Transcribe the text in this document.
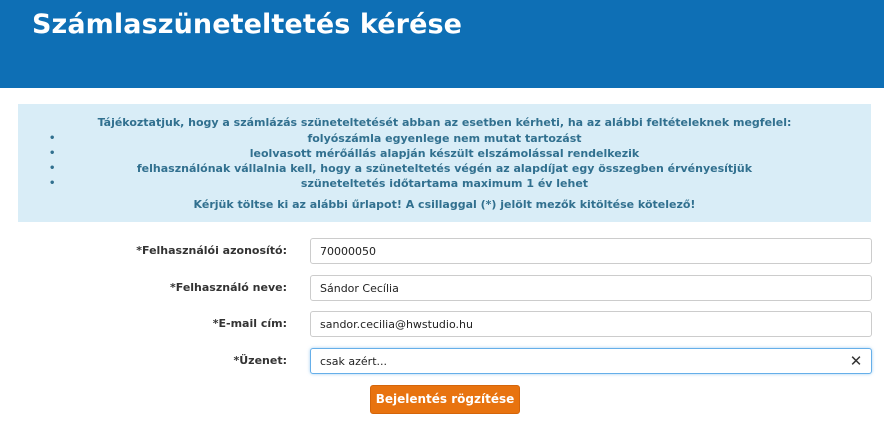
Számlaszüneteltetés kérése
Tájékoztatjuk, hogy a számlázás szüneteltetését abban az esetben kérheti, ha az alábbi feltételeknek megfelel:
•	folyószámla egyenlege nem mutat tartozást
•	leolvasott mérőállás alapján készült elszámolással rendelkezik
•	felhasználónak vállalnia kell, hogy a szüneteltetés végén az alapdíjat egy összegben érvényesítjük
•	szüneteltetés időtartama maximum 1 év lehet
Kérjük töltse ki az alábbi űrlapot! A csillaggal (*) jelölt mezők kitöltése kötelező!
*Felhasználói azonosító:
70000050
*Felhasználó neve:
Sándor Cecília
*E-mail cím:
sandor.cecilia@hwstudio.hu
*Üzenet:
csak azért...	✕
Bejelentés rögzítése
